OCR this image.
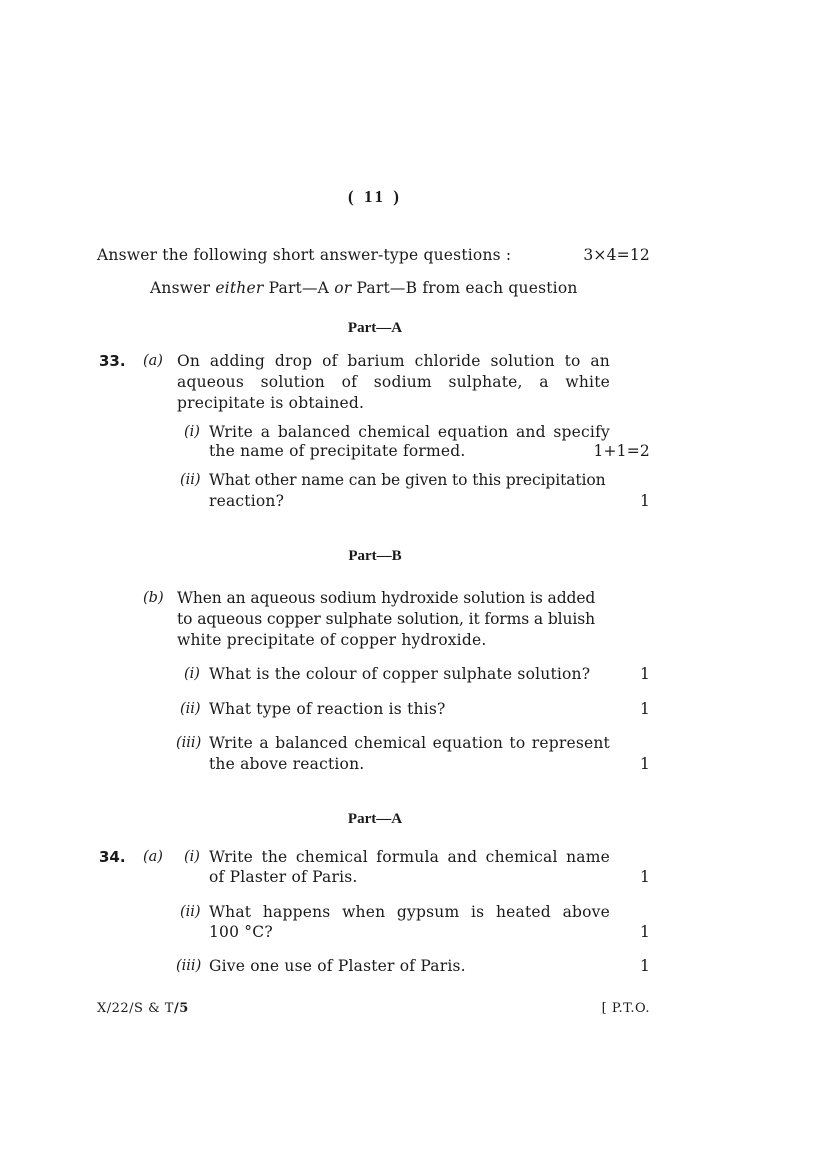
( 11 )
Answer the following short answer-type questions :	3×4=12
Answer either Part—A or Part—B from each question
Part—A
33. (a) On adding drop of barium chloride solution to an
aqueous solution of sodium sulphate, a white
precipitate is obtained.
(i) Write a balanced chemical equation and specify
the name of precipitate formed.	1+1=2
(ii) What other name can be given to this precipitation
reaction?	1
Part—B
(b) When an aqueous sodium hydroxide solution is added
to aqueous copper sulphate solution, it forms a bluish
white precipitate of copper hydroxide.
(i) What is the colour of copper sulphate solution?	1
(ii) What type of reaction is this?	1
(iii) Write a balanced chemical equation to represent
the above reaction.	1
Part—A
34. (a) (i) Write the chemical formula and chemical name
of Plaster of Paris.	1
(ii) What happens when gypsum is heated above
100 °C?	1
(iii) Give one use of Plaster of Paris.	1
X/22/S & T/5	[ P.T.O.
